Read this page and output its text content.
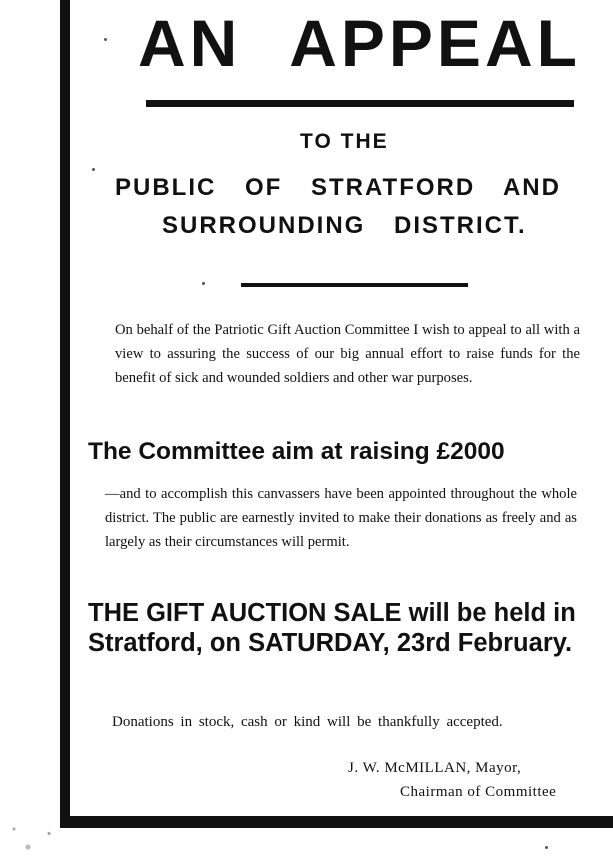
AN APPEAL
TO THE
PUBLIC OF STRATFORD AND
SURROUNDING DISTRICT.
On behalf of the Patriotic Gift Auction Committee I wish to appeal to all with a view to assuring the success of our big annual effort to raise funds for the benefit of sick and wounded soldiers and other war purposes.
The Committee aim at raising £2000
—and to accomplish this canvassers have been appointed throughout the whole district. The public are earnestly invited to make their donations as freely and as largely as their circumstances will permit.
THE GIFT AUCTION SALE will be held in Stratford, on SATURDAY, 23rd February.
Donations in stock, cash or kind will be thankfully accepted.
J. W. McMILLAN, Mayor,
Chairman of Committee
